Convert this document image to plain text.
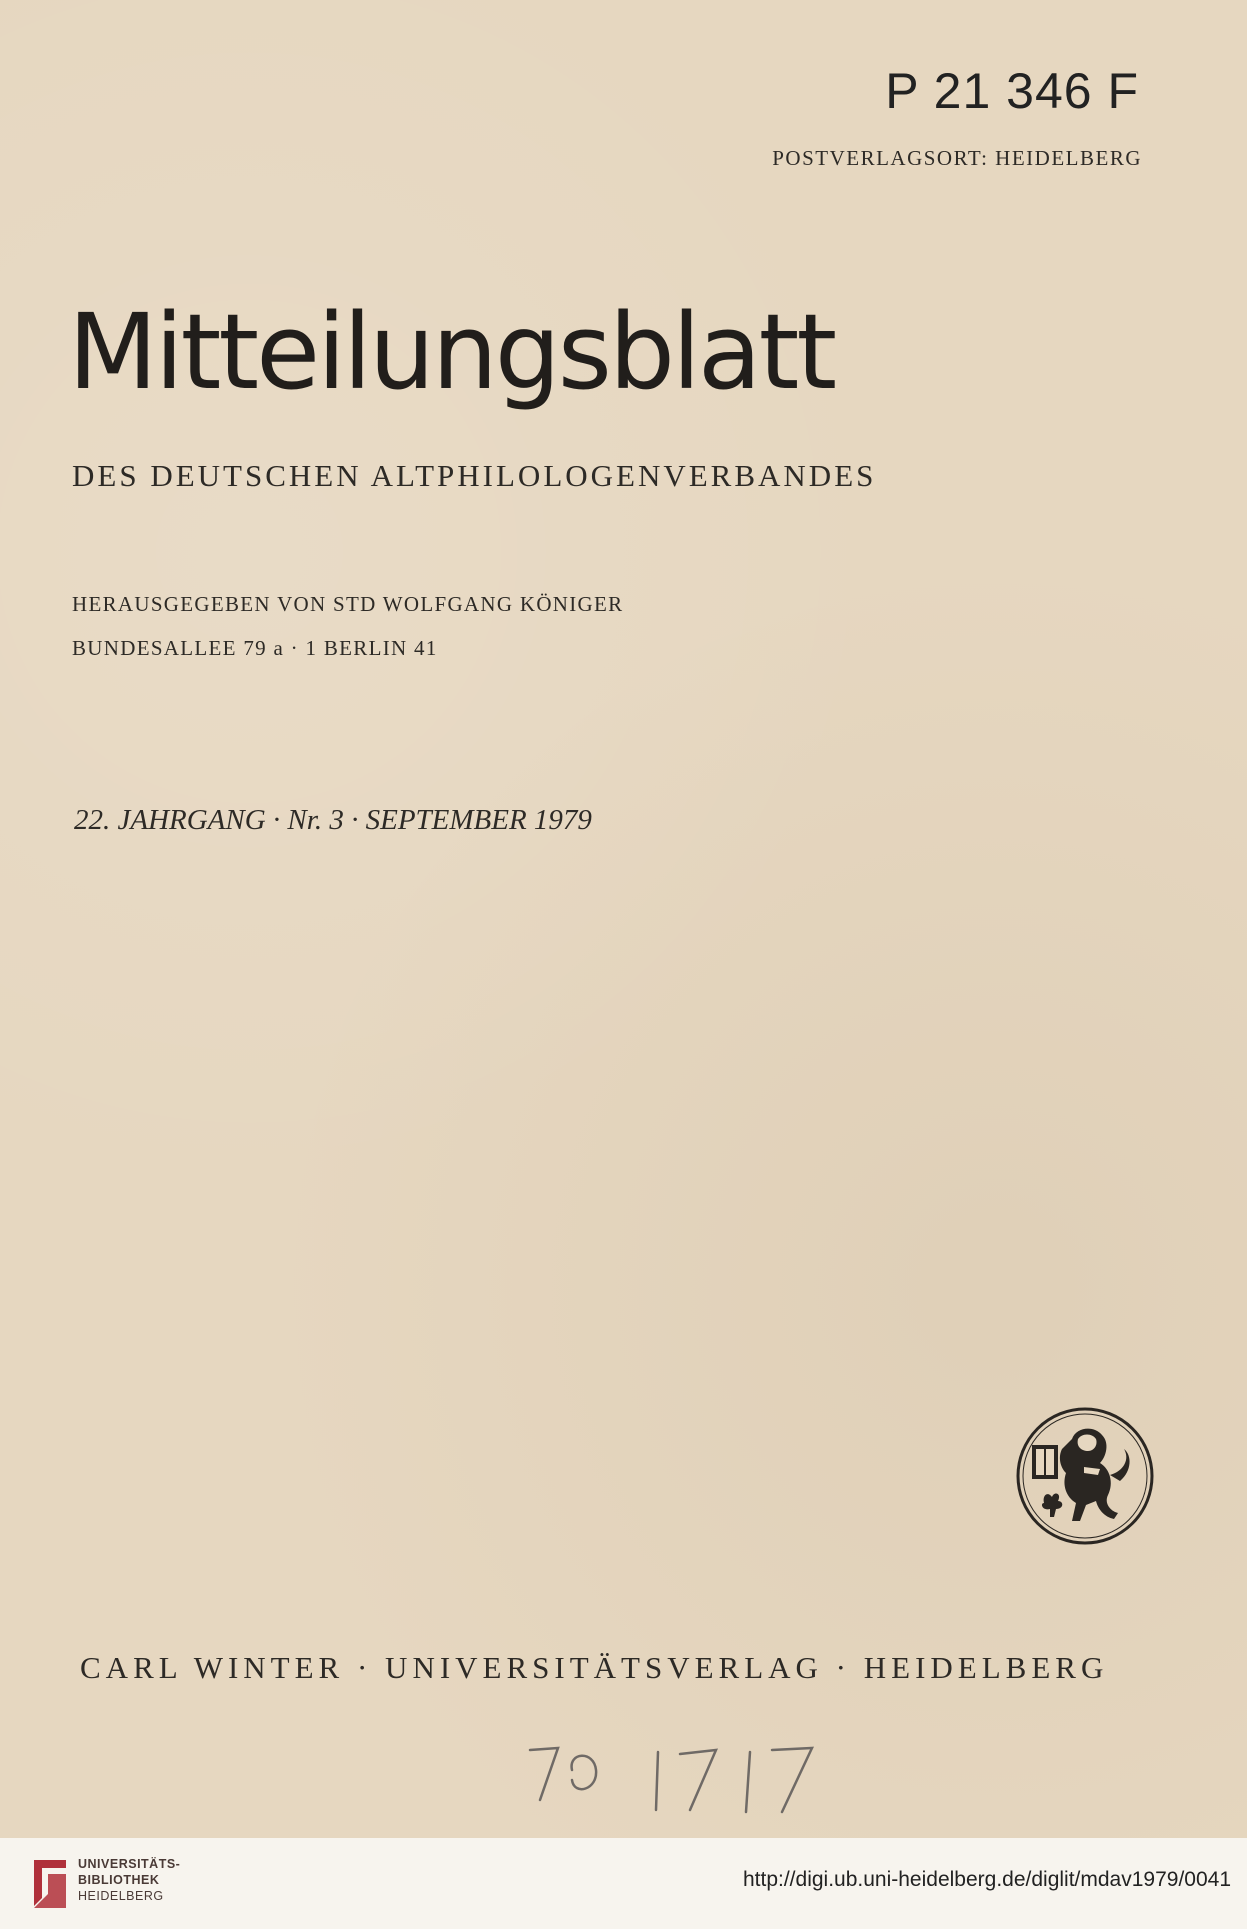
P 21 346 F
POSTVERLAGSORT: HEIDELBERG
Mitteilungsblatt
DES DEUTSCHEN ALTPHILOLOGENVERBANDES
HERAUSGEGEBEN VON STD WOLFGANG KÖNIGER
BUNDESALLEE 79 a · 1 BERLIN 41
22. JAHRGANG · Nr. 3 · SEPTEMBER 1979
CARL WINTER · UNIVERSITÄTSVERLAG · HEIDELBERG
UNIVERSITÄTS-
BIBLIOTHEK
HEIDELBERG
http://digi.ub.uni-heidelberg.de/diglit/mdav1979/0041
